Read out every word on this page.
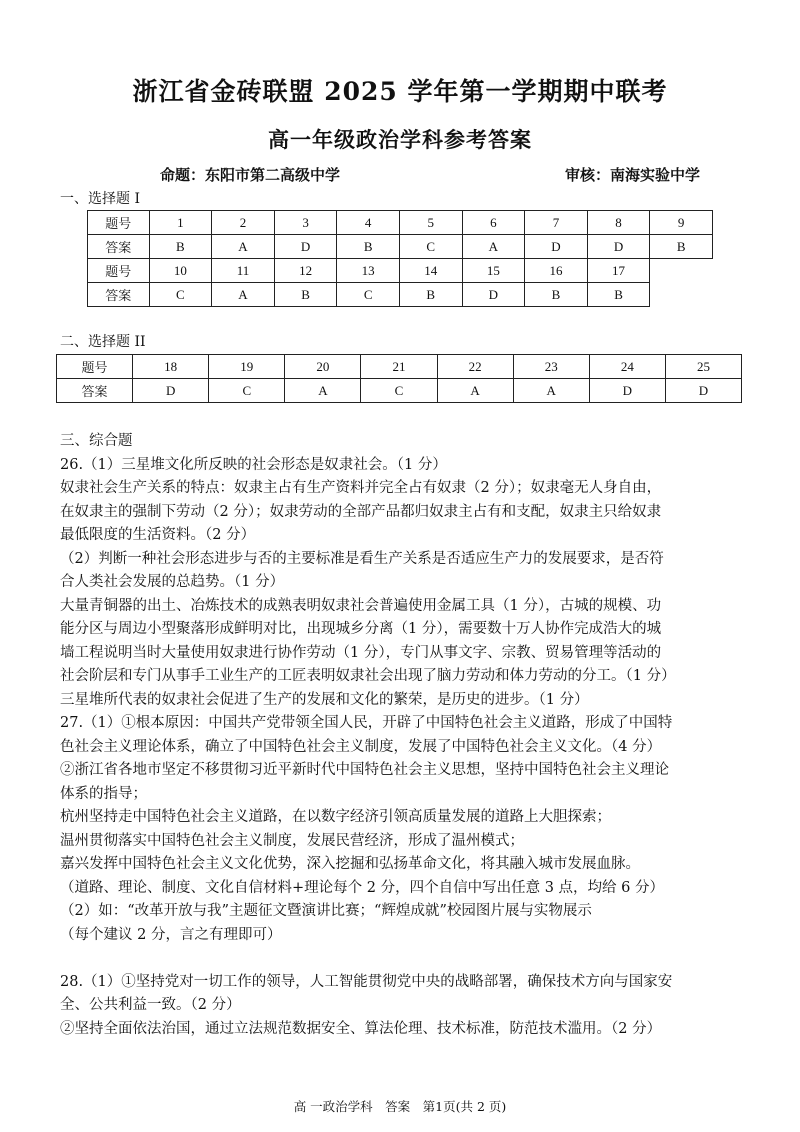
浙江省金砖联盟 2025 学年第一学期期中联考
高一年级政治学科参考答案
命题：东阳市第二高级中学	审核：南海实验中学
一、选择题 I
题号	1	2	3	4	5	6	7	8	9
答案	B	A	D	B	C	A	D	D	B
题号	10	11	12	13	14	15	16	17	
答案	C	A	B	C	B	D	B	B	
二、选择题 II
题号	18	19	20	21	22	23	24	25
答案	D	C	A	C	A	A	D	D

三、综合题

26.（1）三星堆文化所反映的社会形态是奴隶社会。（1 分）

奴隶社会生产关系的特点：奴隶主占有生产资料并完全占有奴隶（2 分）；奴隶毫无人身自由，

在奴隶主的强制下劳动（2 分）；奴隶劳动的全部产品都归奴隶主占有和支配，奴隶主只给奴隶

最低限度的生活资料。（2 分）

（2）判断一种社会形态进步与否的主要标准是看生产关系是否适应生产力的发展要求，是否符

合人类社会发展的总趋势。（1 分）

大量青铜器的出土、冶炼技术的成熟表明奴隶社会普遍使用金属工具（1 分），古城的规模、功

能分区与周边小型聚落形成鲜明对比，出现城乡分离（1 分），需要数十万人协作完成浩大的城

墙工程说明当时大量使用奴隶进行协作劳动（1 分），专门从事文字、宗教、贸易管理等活动的

社会阶层和专门从事手工业生产的工匠表明奴隶社会出现了脑力劳动和体力劳动的分工。（1 分）

三星堆所代表的奴隶社会促进了生产的发展和文化的繁荣，是历史的进步。（1 分）

27.（1）①根本原因：中国共产党带领全国人民，开辟了中国特色社会主义道路，形成了中国特

色社会主义理论体系，确立了中国特色社会主义制度，发展了中国特色社会主义文化。（4 分）

②浙江省各地市坚定不移贯彻习近平新时代中国特色社会主义思想，坚持中国特色社会主义理论

体系的指导；

杭州坚持走中国特色社会主义道路，在以数字经济引领高质量发展的道路上大胆探索；

温州贯彻落实中国特色社会主义制度，发展民营经济，形成了温州模式；

嘉兴发挥中国特色社会主义文化优势，深入挖掘和弘扬革命文化，将其融入城市发展血脉。

（道路、理论、制度、文化自信材料+理论每个 2 分，四个自信中写出任意 3 点，均给 6 分）

（2）如：“改革开放与我”主题征文暨演讲比赛；“辉煌成就”校园图片展与实物展示

（每个建议 2 分，言之有理即可）

28.（1）①坚持党对一切工作的领导，人工智能贯彻党中央的战略部署，确保技术方向与国家安

全、公共利益一致。（2 分）

②坚持全面依法治国，通过立法规范数据安全、算法伦理、技术标准，防范技术滥用。（2 分）

高 一政治学科　答案　第1页(共 2 页)
